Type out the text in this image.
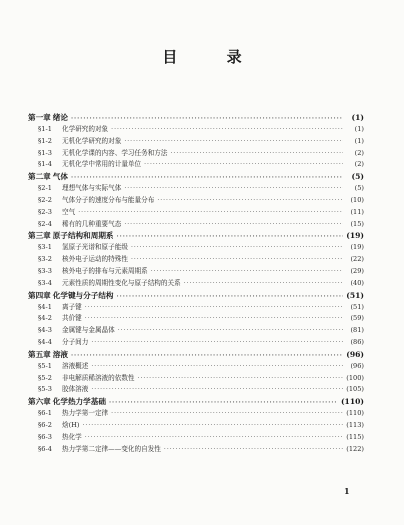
目 录
第一章 绪论 ·····	(1)
§1-1	化学研究的对象 ·····	(1)
§1-2	无机化学研究的对象 ·····	(1)
§1-3	无机化学课的内容、学习任务和方法 ·····	(2)
§1-4	无机化学中常用的计量单位 ·····	(2)
第二章 气体 ·····	(5)
§2-1	理想气体与实际气体 ·····	(5)
§2-2	气体分子的速度分布与能量分布 ·····	(10)
§2-3	空气 ·····	(11)
§2-4	稀有的几种重要气态 ·····	(15)
第三章 原子结构和周期系 ·····	(19)
§3-1	氢原子光谱和原子能级 ·····	(19)
§3-2	核外电子运动的特殊性 ·····	(22)
§3-3	核外电子的排布与元素周期系 ·····	(29)
§3-4	元素性质的周期性变化与原子结构的关系 ·····	(40)
第四章 化学键与分子结构 ·····	(51)
§4-1	离子键 ·····	(51)
§4-2	共价键 ·····	(59)
§4-3	金属键与金属晶体 ·····	(81)
§4-4	分子间力 ·····	(86)
第五章 溶液 ·····	(96)
§5-1	溶液概述 ·····	(96)
§5-2	非电解质稀溶液的依数性 ·····	(100)
§5-3	胶体溶液 ·····	(105)
第六章 化学热力学基础 ·····	(110)
§6-1	热力学第一定律 ·····	(110)
§6-2	焓(H) ·····	(113)
§6-3	热化学 ·····	(115)
§6-4	热力学第二定律——变化的自发性 ·····	(122)
1
